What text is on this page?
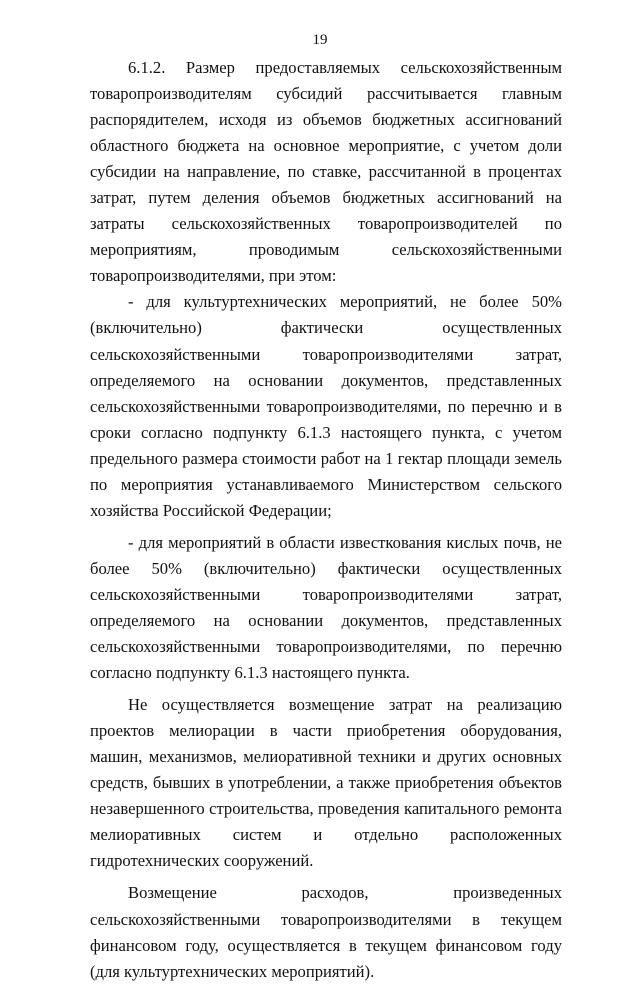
19

6.1.2. Размер предоставляемых сельскохозяйственным товаропроизводителям субсидий рассчитывается главным распорядителем, исходя из объемов бюджетных ассигнований областного бюджета на основное мероприятие, с учетом доли субсидии на направление, по ставке, рассчитанной в процентах затрат, путем деления объемов бюджетных ассигнований на затраты сельскохозяйственных товаропроизводителей по мероприятиям, проводимым сельскохозяйственными товаропроизводителями, при этом:

- для культуртехнических мероприятий, не более 50% (включительно) фактически осуществленных сельскохозяйственными товаропроизводителями затрат, определяемого на основании документов, представленных сельскохозяйственными товаропроизводителями, по перечню и в сроки согласно подпункту 6.1.3 настоящего пункта, с учетом предельного размера стоимости работ на 1 гектар площади земель по мероприятия устанавливаемого Министерством сельского хозяйства Российской Федерации;

- для мероприятий в области известкования кислых почв, не более 50% (включительно) фактически осуществленных сельскохозяйственными товаропроизводителями затрат, определяемого на основании документов, представленных сельскохозяйственными товаропроизводителями, по перечню согласно подпункту 6.1.3 настоящего пункта.

Не осуществляется возмещение затрат на реализацию проектов мелиорации в части приобретения оборудования, машин, механизмов, мелиоративной техники и других основных средств, бывших в употреблении, а также приобретения объектов незавершенного строительства, проведения капитального ремонта мелиоративных систем и отдельно расположенных гидротехнических сооружений.

Возмещение расходов, произведенных сельскохозяйственными товаропроизводителями в текущем финансовом году, осуществляется в текущем финансовом году (для культуртехнических мероприятий).
